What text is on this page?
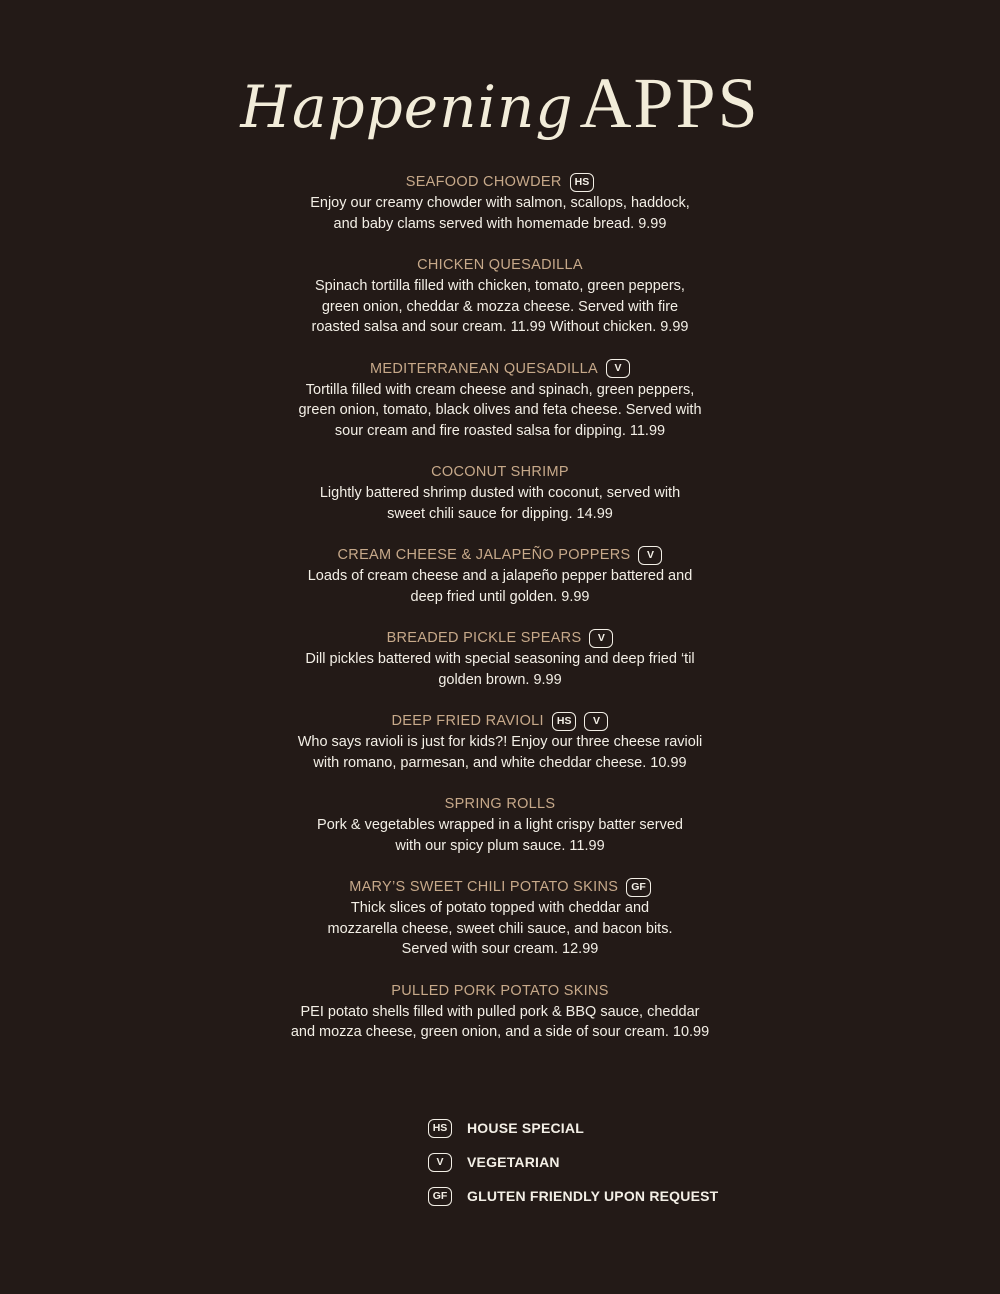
HappeningAPPS
SEAFOOD CHOWDER	HS
Enjoy our creamy chowder with salmon, scallops, haddock,
and baby clams served with homemade bread. 9.99
CHICKEN QUESADILLA
Spinach tortilla filled with chicken, tomato, green peppers,
green onion, cheddar & mozza cheese. Served with fire
roasted salsa and sour cream. 11.99 Without chicken. 9.99
MEDITERRANEAN QUESADILLA	V
Tortilla filled with cream cheese and spinach, green peppers,
green onion, tomato, black olives and feta cheese. Served with
sour cream and fire roasted salsa for dipping. 11.99
COCONUT SHRIMP
Lightly battered shrimp dusted with coconut, served with
sweet chili sauce for dipping. 14.99
CREAM CHEESE & JALAPEÑO POPPERS	V
Loads of cream cheese and a jalapeño pepper battered and
deep fried until golden. 9.99
BREADED PICKLE SPEARS	V
Dill pickles battered with special seasoning and deep fried ‘til
golden brown. 9.99
DEEP FRIED RAVIOLI	HS	V
Who says ravioli is just for kids?! Enjoy our three cheese ravioli
with romano, parmesan, and white cheddar cheese. 10.99
SPRING ROLLS
Pork & vegetables wrapped in a light crispy batter served
with our spicy plum sauce. 11.99
MARY’S SWEET CHILI POTATO SKINS	GF
Thick slices of potato topped with cheddar and
mozzarella cheese, sweet chili sauce, and bacon bits.
Served with sour cream. 12.99
PULLED PORK POTATO SKINS
PEI potato shells filled with pulled pork & BBQ sauce, cheddar
and mozza cheese, green onion, and a side of sour cream. 10.99
HS	HOUSE SPECIAL
V	VEGETARIAN
GF	GLUTEN FRIENDLY UPON REQUEST
